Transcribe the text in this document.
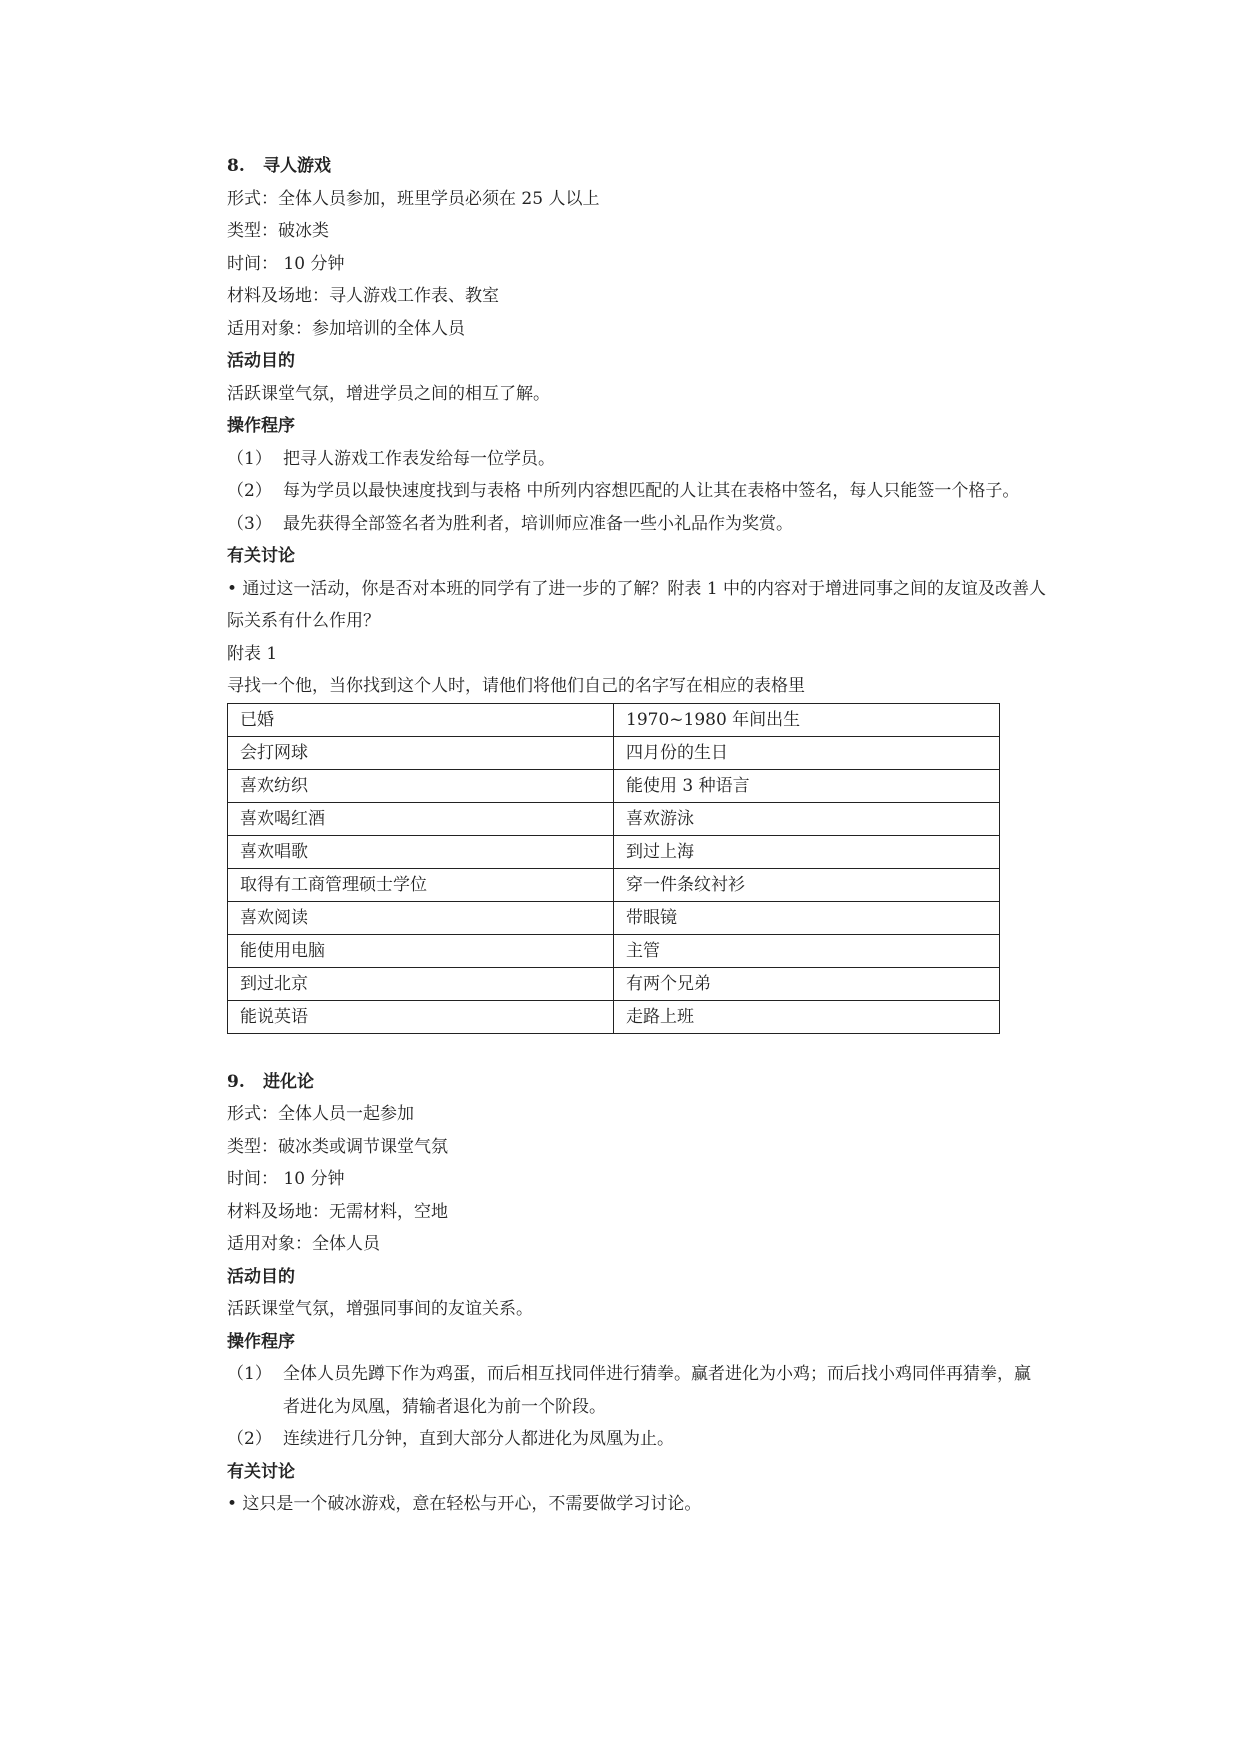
8. 寻人游戏
形式：全体人员参加，班里学员必须在 25 人以上
类型：破冰类
时间： 10 分钟
材料及场地：寻人游戏工作表、教室
适用对象：参加培训的全体人员
活动目的
活跃课堂气氛，增进学员之间的相互了解。
操作程序
（1） 把寻人游戏工作表发给每一位学员。
（2） 每为学员以最快速度找到与表格 中所列内容想匹配的人让其在表格中签名，每人只能签一个格子。
（3） 最先获得全部签名者为胜利者，培训师应准备一些小礼品作为奖赏。
有关讨论
• 通过这一活动，你是否对本班的同学有了进一步的了解？附表 1 中的内容对于增进同事之间的友谊及改善人际关系有什么作用？
附表 1
寻找一个他，当你找到这个人时，请他们将他们自己的名字写在相应的表格里
已婚	1970~1980 年间出生
会打网球	四月份的生日
喜欢纺织	能使用 3 种语言
喜欢喝红酒	喜欢游泳
喜欢唱歌	到过上海
取得有工商管理硕士学位	穿一件条纹衬衫
喜欢阅读	带眼镜
能使用电脑	主管
到过北京	有两个兄弟
能说英语	走路上班
9. 进化论
形式：全体人员一起参加
类型：破冰类或调节课堂气氛
时间： 10 分钟
材料及场地：无需材料，空地
适用对象：全体人员
活动目的
活跃课堂气氛，增强同事间的友谊关系。
操作程序
（1） 全体人员先蹲下作为鸡蛋，而后相互找同伴进行猜拳。赢者进化为小鸡；而后找小鸡同伴再猜拳，赢者进化为凤凰，猜输者退化为前一个阶段。
（2） 连续进行几分钟，直到大部分人都进化为凤凰为止。
有关讨论
• 这只是一个破冰游戏，意在轻松与开心，不需要做学习讨论。
